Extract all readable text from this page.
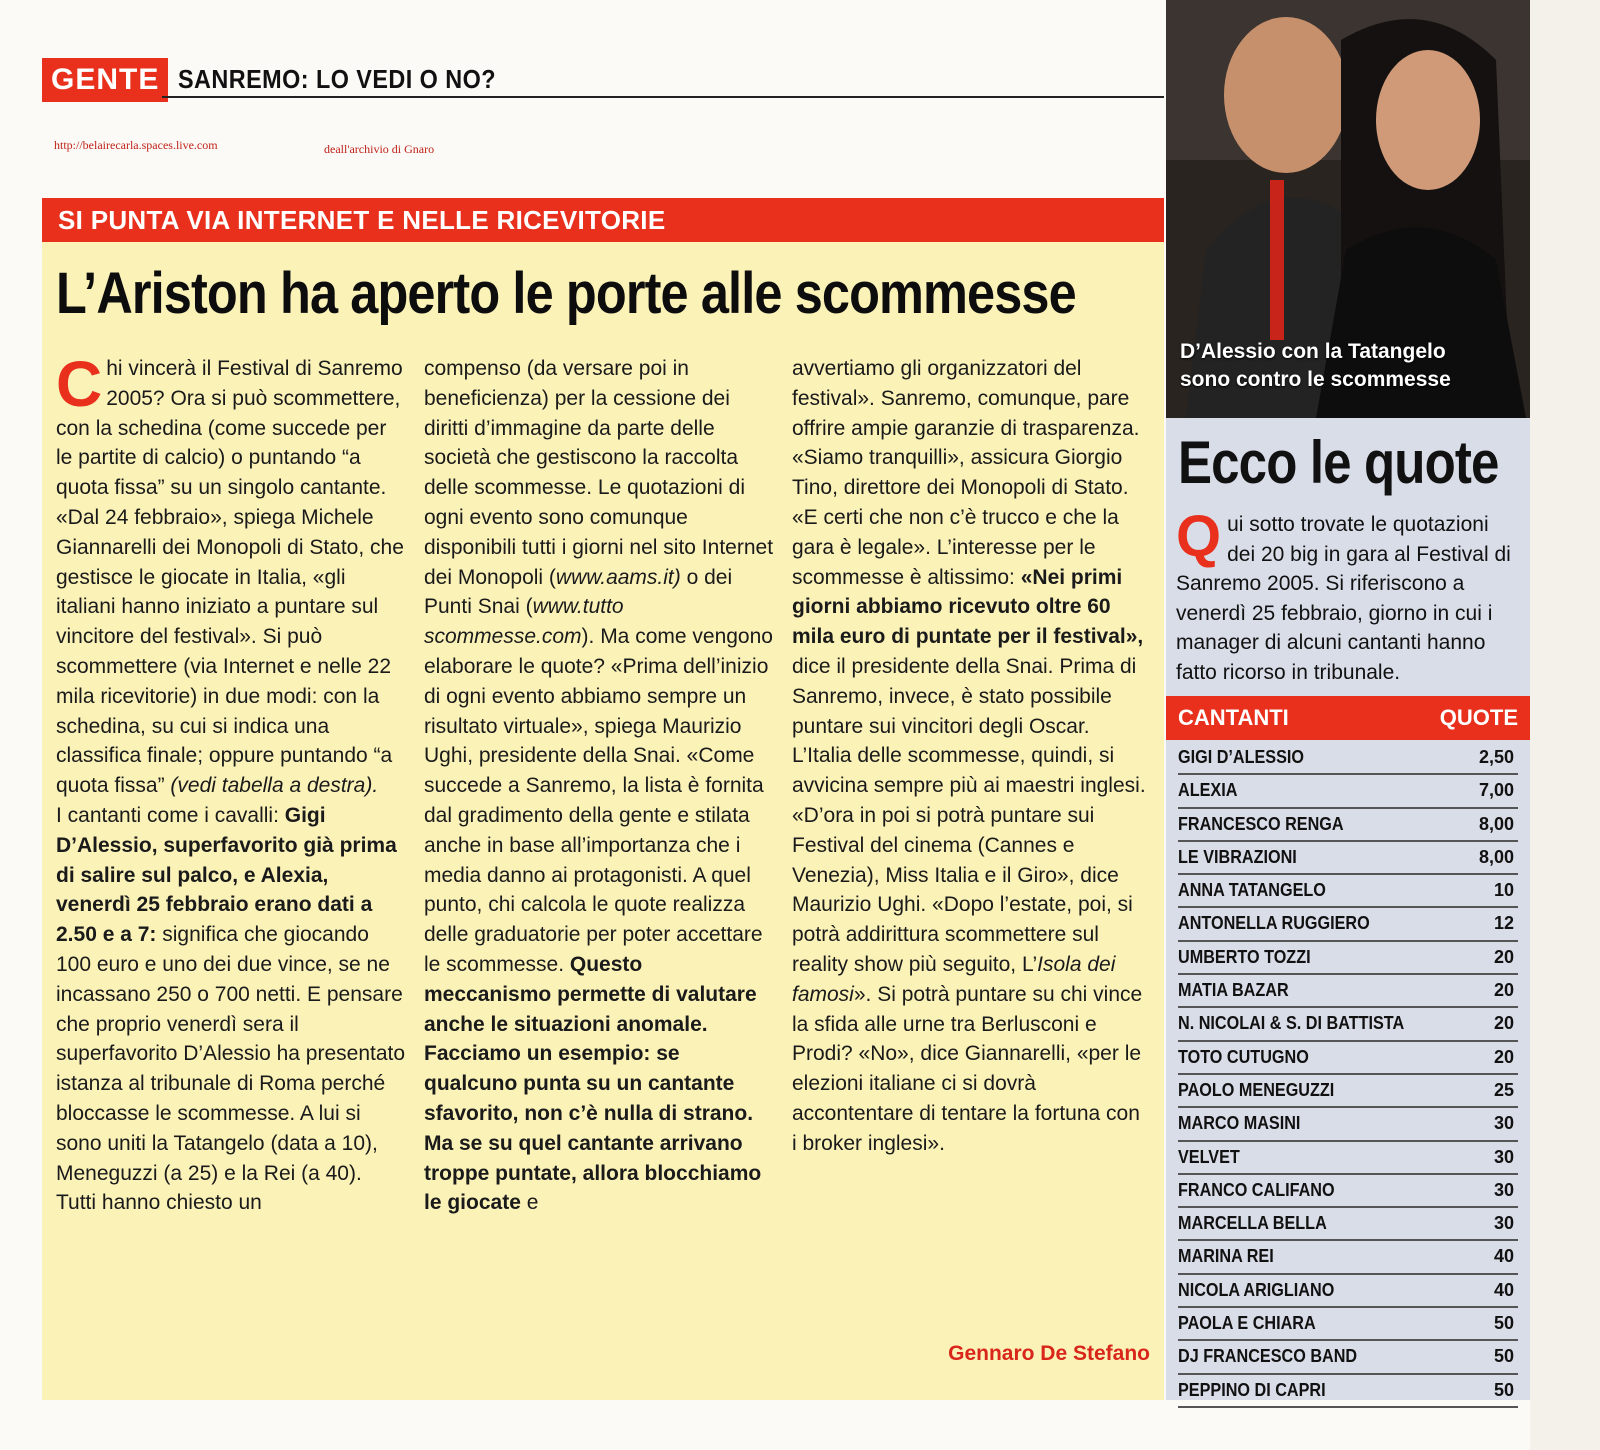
GENTE SANREMO: LO VEDI O NO?
http://belairecarla.spaces.live.com	deall'archivio di Gnaro
SI PUNTA VIA INTERNET E NELLE RICEVITORIE
L’Ariston ha aperto le porte alle scommesse

Chi vincerà il Festival di Sanremo 2005? Ora si può scommettere, con la schedina (come succede per le partite di calcio) o puntando “a quota fissa” su un singolo cantante. «Dal 24 febbraio», spiega Michele Giannarelli dei Monopoli di Stato, che gestisce le giocate in Italia, «gli italiani hanno iniziato a puntare sul vincitore del festival». Si può scommettere (via Internet e nelle 22 mila ricevitorie) in due modi: con la schedina, su cui si indica una classifica finale; oppure puntando “a quota fissa” (vedi tabella a destra).
I cantanti come i cavalli: Gigi D’Alessio, superfavorito già prima di salire sul palco, e Alexia, venerdì 25 febbraio erano dati a 2.50 e a 7: significa che giocando 100 euro e uno dei due vince, se ne incassano 250 o 700 netti. E pensare che proprio venerdì sera il superfavorito D’Alessio ha presentato istanza al tribunale di Roma perché bloccasse le scommesse. A lui si sono uniti la Tatangelo (data a 10), Meneguzzi (a 25) e la Rei (a 40). Tutti hanno chiesto un

compenso (da versare poi in beneficienza) per la cessione dei diritti d’immagine da parte delle società che gestiscono la raccolta delle scommesse. Le quotazioni di ogni evento sono comunque disponibili tutti i giorni nel sito Internet dei Monopoli (www.aams.it) o dei Punti Snai (www.tutto scommesse.com). Ma come vengono elaborare le quote? «Prima dell’inizio di ogni evento abbiamo sempre un risultato virtuale», spiega Maurizio Ughi, presidente della Snai. «Come succede a Sanremo, la lista è fornita dal gradimento della gente e stilata anche in base all’importanza che i media danno ai protagonisti. A quel punto, chi calcola le quote realizza delle graduatorie per poter accettare le scommesse. Questo meccanismo permette di valutare anche le situazioni anomale. Facciamo un esempio: se qualcuno punta su un cantante sfavorito, non c’è nulla di strano. Ma se su quel cantante arrivano troppe puntate, allora blocchiamo le giocate e

avvertiamo gli organizzatori del festival». Sanremo, comunque, pare offrire ampie garanzie di trasparenza. «Siamo tranquilli», assicura Giorgio Tino, direttore dei Monopoli di Stato. «E certi che non c’è trucco e che la gara è legale». L’interesse per le scommesse è altissimo: «Nei primi giorni abbiamo ricevuto oltre 60 mila euro di puntate per il festival», dice il presidente della Snai. Prima di Sanremo, invece, è stato possibile puntare sui vincitori degli Oscar. L’Italia delle scommesse, quindi, si avvicina sempre più ai maestri inglesi. «D’ora in poi si potrà puntare sui Festival del cinema (Cannes e Venezia), Miss Italia e il Giro», dice Maurizio Ughi. «Dopo l’estate, poi, si potrà addirittura scommettere sul reality show più seguito, L’Isola dei famosi». Si potrà puntare su chi vince la sfida alle urne tra Berlusconi e Prodi? «No», dice Giannarelli, «per le elezioni italiane ci si dovrà accontentare di tentare la fortuna con i broker inglesi».

Gennaro De Stefano
D’Alessio con la Tatangelo
sono contro le scommesse
Ecco le quote
Qui sotto trovate le quotazioni dei 20 big in gara al Festival di Sanremo 2005. Si riferiscono a venerdì 25 febbraio, giorno in cui i manager di alcuni cantanti hanno fatto ricorso in tribunale.
CANTANTI	QUOTE
GIGI D’ALESSIO	2,50
ALEXIA	7,00
FRANCESCO RENGA	8,00
LE VIBRAZIONI	8,00
ANNA TATANGELO	10
ANTONELLA RUGGIERO	12
UMBERTO TOZZI	20
MATIA BAZAR	20
N. NICOLAI & S. DI BATTISTA	20
TOTO CUTUGNO	20
PAOLO MENEGUZZI	25
MARCO MASINI	30
VELVET	30
FRANCO CALIFANO	30
MARCELLA BELLA	30
MARINA REI	40
NICOLA ARIGLIANO	40
PAOLA E CHIARA	50
DJ FRANCESCO BAND	50
PEPPINO DI CAPRI	50
